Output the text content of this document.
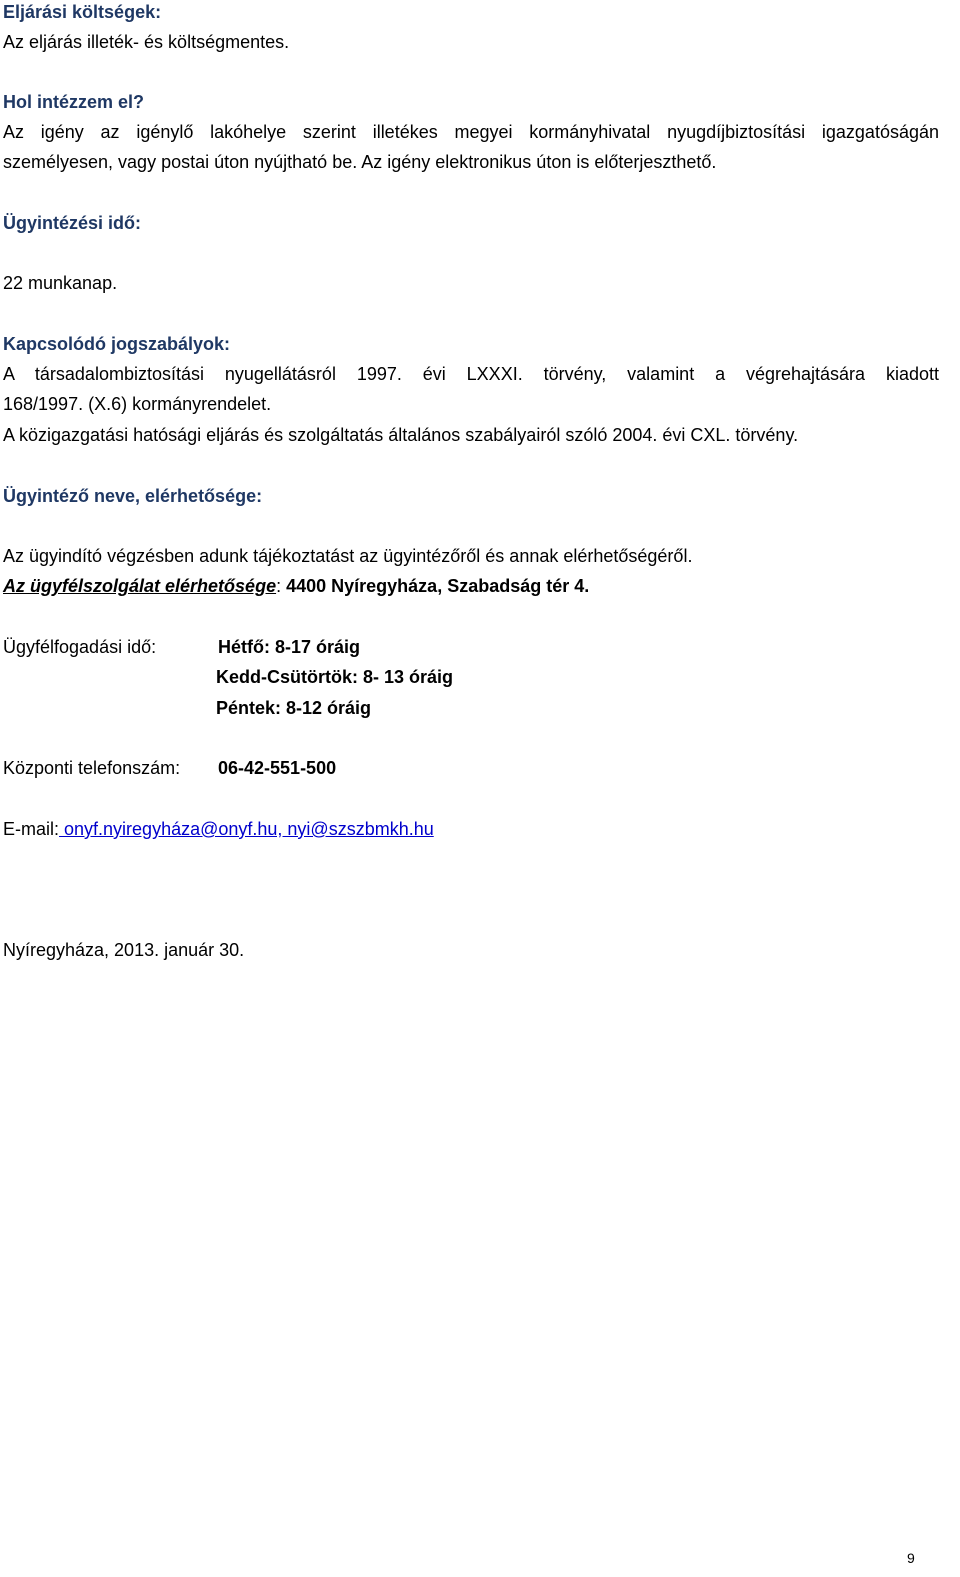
Eljárási költségek:
Az eljárás illeték- és költségmentes.
Hol intézzem el?
Az igény az igénylő lakóhelye szerint illetékes megyei kormányhivatal nyugdíjbiztosítási igazgatóságán
személyesen, vagy postai úton nyújtható be. Az igény elektronikus úton is előterjeszthető.
Ügyintézési idő:
22 munkanap.
Kapcsolódó jogszabályok:
A társadalombiztosítási nyugellátásról 1997. évi LXXXI. törvény, valamint a végrehajtására kiadott
168/1997. (X.6) kormányrendelet.
A közigazgatási hatósági eljárás és szolgáltatás általános szabályairól szóló 2004. évi CXL. törvény.
Ügyintéző neve, elérhetősége:
Az ügyindító végzésben adunk tájékoztatást az ügyintézőről és annak elérhetőségéről.
Az ügyfélszolgálat elérhetősége: 4400 Nyíregyháza, Szabadság tér 4.
Ügyfélfogadási idő:	Hétfő: 8-17 óráig
Kedd-Csütörtök: 8- 13 óráig
Péntek: 8-12 óráig
Központi telefonszám: 06-42-551-500
E-mail: onyf.nyiregyháza@onyf.hu, nyi@szszbmkh.hu
Nyíregyháza, 2013. január 30.
9
